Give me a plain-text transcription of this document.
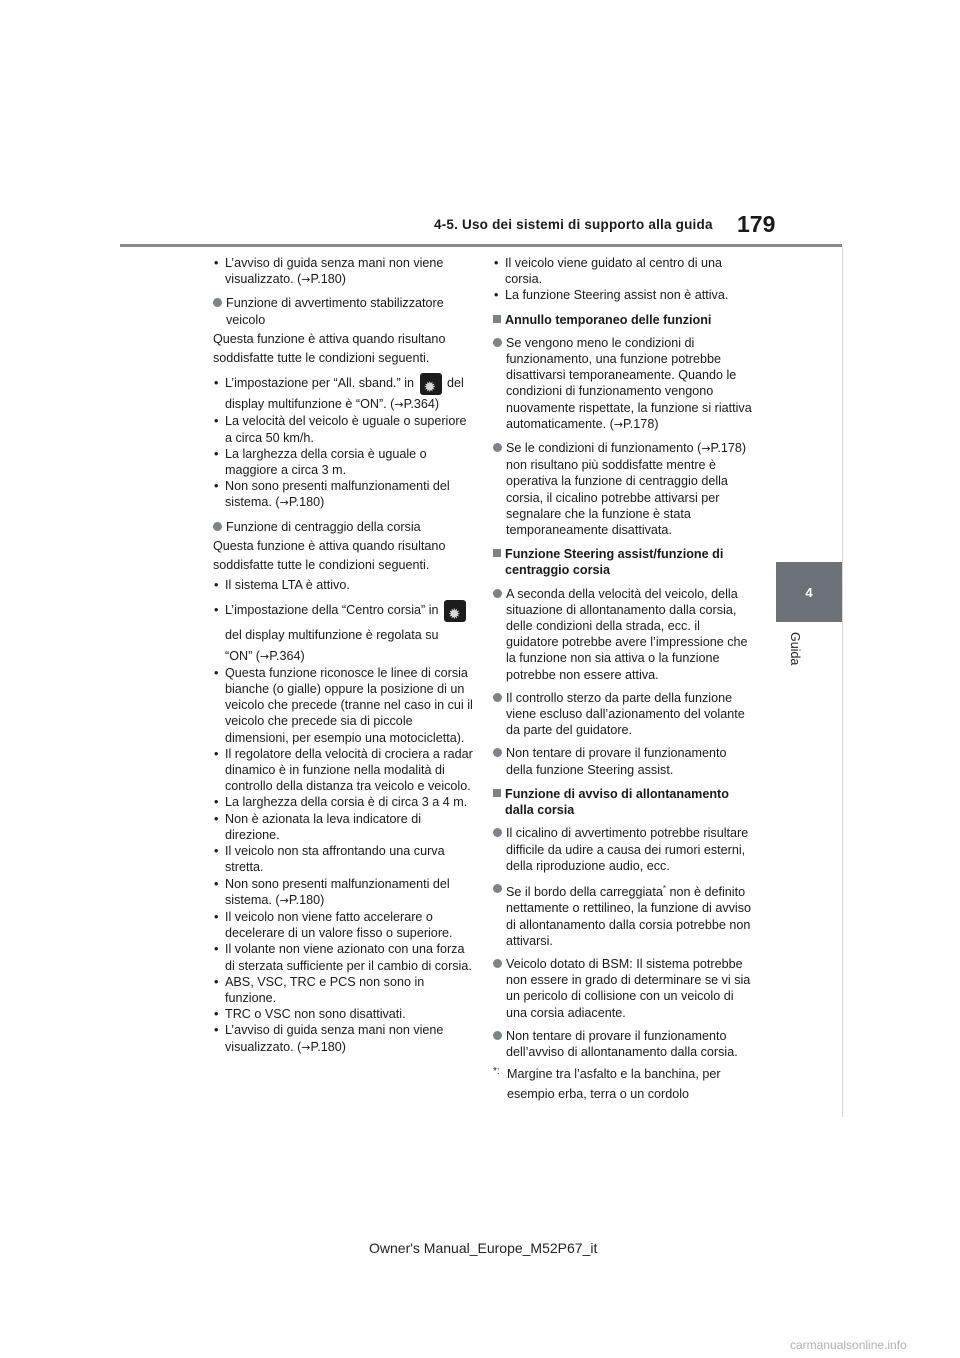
4-5. Uso dei sistemi di supporto alla guida 179
4
Guida

• L’avviso di guida senza mani non viene visualizzato. (→P.180)

Funzione di avvertimento stabilizzatore veicolo

Questa funzione è attiva quando risultano

soddisfatte tutte le condizioni seguenti.

• L’impostazione per “All. sband.” in ✹	del

display multifunzione è “ON”. (→P.364)

• La velocità del veicolo è uguale o superiore a circa 50 km/h.

• La larghezza della corsia è uguale o maggiore a circa 3 m.

• Non sono presenti malfunzionamenti del sistema. (→P.180)

Funzione di centraggio della corsia

Questa funzione è attiva quando risultano

soddisfatte tutte le condizioni seguenti.

• Il sistema LTA è attivo.

• L’impostazione della “Centro corsia” in ✹

del display multifunzione è regolata su

“ON” (→P.364)

• Questa funzione riconosce le linee di corsia bianche (o gialle) oppure la posizione di un veicolo che precede (tranne nel caso in cui il veicolo che precede sia di piccole dimensioni, per esempio una motocicletta).

• Il regolatore della velocità di crociera a radar dinamico è in funzione nella modalità di controllo della distanza tra veicolo e veicolo.

• La larghezza della corsia è di circa 3 a 4 m.

• Non è azionata la leva indicatore di direzione.

• Il veicolo non sta affrontando una curva stretta.

• Non sono presenti malfunzionamenti del sistema. (→P.180)

• Il veicolo non viene fatto accelerare o decelerare di un valore fisso o superiore.

• Il volante non viene azionato con una forza di sterzata sufficiente per il cambio di corsia.

• ABS, VSC, TRC e PCS non sono in funzione.

• TRC o VSC non sono disattivati.

• L’avviso di guida senza mani non viene visualizzato. (→P.180)

• Il veicolo viene guidato al centro di una corsia.

• La funzione Steering assist non è attiva.

Annullo temporaneo delle funzioni

Se vengono meno le condizioni di funzionamento, una funzione potrebbe disattivarsi temporaneamente. Quando le condizioni di funzionamento vengono nuovamente rispettate, la funzione si riattiva automaticamente. (→P.178)

Se le condizioni di funzionamento (→P.178) non risultano più soddisfatte mentre è operativa la funzione di centraggio della corsia, il cicalino potrebbe attivarsi per segnalare che la funzione è stata temporaneamente disattivata.

Funzione Steering assist/funzione di centraggio corsia

A seconda della velocità del veicolo, della situazione di allontanamento dalla corsia, delle condizioni della strada, ecc. il guidatore potrebbe avere l’impressione che la funzione non sia attiva o la funzione potrebbe non essere attiva.

Il controllo sterzo da parte della funzione viene escluso dall’azionamento del volante da parte del guidatore.

Non tentare di provare il funzionamento della funzione Steering assist.

Funzione di avviso di allontanamento dalla corsia

Il cicalino di avvertimento potrebbe risultare difficile da udire a causa dei rumori esterni, della riproduzione audio, ecc.

Se il bordo della carreggiata* non è definito nettamente o rettilineo, la funzione di avviso di allontanamento dalla corsia potrebbe non attivarsi.

Veicolo dotato di BSM: Il sistema potrebbe non essere in grado di determinare se vi sia un pericolo di collisione con un veicolo di una corsia adiacente.

Non tentare di provare il funzionamento dell’avviso di allontanamento dalla corsia.

*: Margine tra l’asfalto e la banchina, per
esempio erba, terra o un cordolo
Owner's Manual_Europe_M52P67_it
carmanualsonline.info
